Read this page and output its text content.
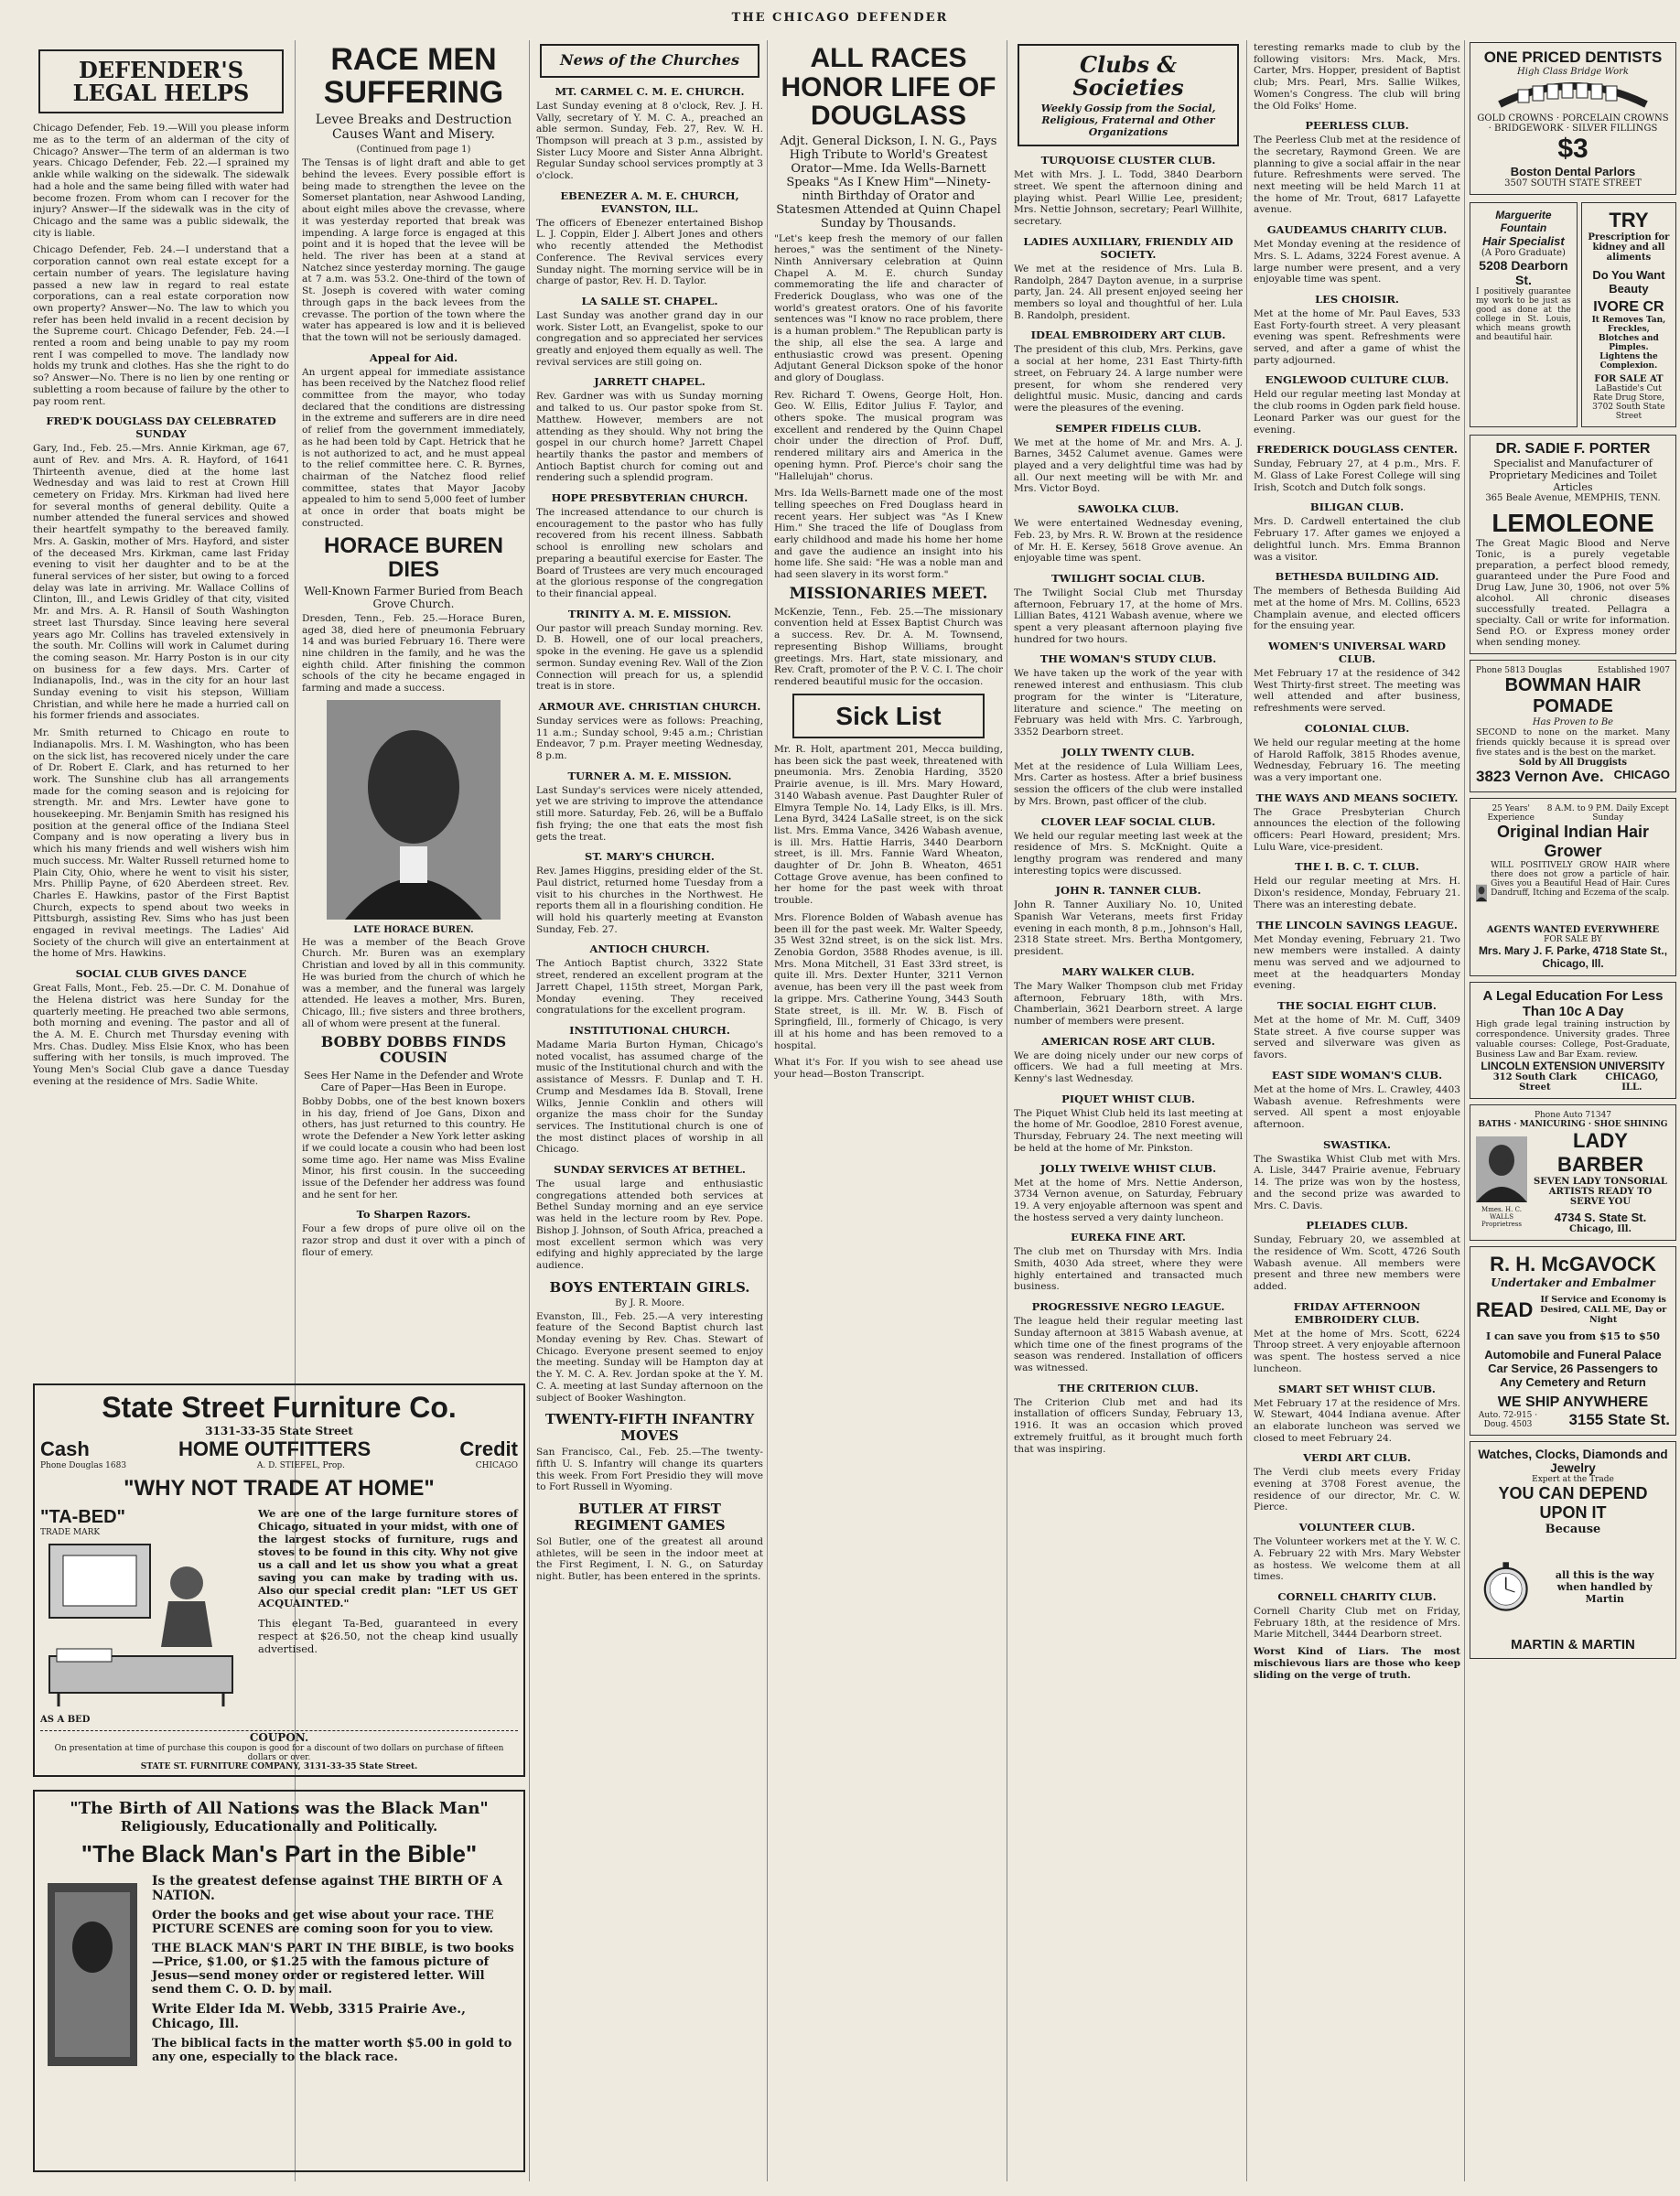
THE CHICAGO DEFENDER
DEFENDER'S LEGAL HELPS

Chicago Defender, Feb. 19.—Will you please inform me as to the term of an alderman of the city of Chicago? Answer—The term of an alderman is two years. Chicago Defender, Feb. 22.—I sprained my ankle while walking on the sidewalk. The sidewalk had a hole and the same being filled with water had become frozen. From whom can I recover for the injury? Answer—If the sidewalk was in the city of Chicago and the same was a public sidewalk, the city is liable.

Chicago Defender, Feb. 24.—I understand that a corporation cannot own real estate except for a certain number of years. The legislature having passed a new law in regard to real estate corporations, can a real estate corporation now own property? Answer—No. The law to which you refer has been held invalid in a recent decision by the Supreme court. Chicago Defender, Feb. 24.—I rented a room and being unable to pay my room rent I was compelled to move. The landlady now holds my trunk and clothes. Has she the right to do so? Answer—No. There is no lien by one renting or subletting a room because of failure by the other to pay room rent.

FRED'K DOUGLASS DAY CELEBRATED SUNDAY

Gary, Ind., Feb. 25.—Mrs. Annie Kirkman, age 67, aunt of Rev. and Mrs. A. R. Hayford, of 1641 Thirteenth avenue, died at the home last Wednesday and was laid to rest at Crown Hill cemetery on Friday. Mrs. Kirkman had lived here for several months of general debility. Quite a number attended the funeral services and showed their heartfelt sympathy to the bereaved family. Mrs. A. Gaskin, mother of Mrs. Hayford, and sister of the deceased Mrs. Kirkman, came last Friday evening to visit her daughter and to be at the funeral services of her sister, but owing to a forced delay was late in arriving. Mr. Wallace Collins of Clinton, Ill., and Lewis Gridley of that city, visited Mr. and Mrs. A. R. Hansil of South Washington street last Thursday. Since leaving here several years ago Mr. Collins has traveled extensively in the south. Mr. Collins will work in Calumet during the coming season. Mr. Harry Poston is in our city on business for a few days. Mrs. Carter of Indianapolis, Ind., was in the city for an hour last Sunday evening to visit his stepson, William Christian, and while here he made a hurried call on his former friends and associates.

Mr. Smith returned to Chicago en route to Indianapolis. Mrs. I. M. Washington, who has been on the sick list, has recovered nicely under the care of Dr. Robert E. Clark, and has returned to her work. The Sunshine club has all arrangements made for the coming season and is rejoicing for strength. Mr. and Mrs. Lewter have gone to housekeeping. Mr. Benjamin Smith has resigned his position at the general office of the Indiana Steel Company and is now operating a livery bus in which his many friends and well wishers wish him much success. Mr. Walter Russell returned home to Plain City, Ohio, where he went to visit his sister, Mrs. Phillip Payne, of 620 Aberdeen street. Rev. Charles E. Hawkins, pastor of the First Baptist Church, expects to spend about two weeks in Pittsburgh, assisting Rev. Sims who has just been engaged in revival meetings. The Ladies' Aid Society of the church will give an entertainment at the home of Mrs. Hawkins.

SOCIAL CLUB GIVES DANCE

Great Falls, Mont., Feb. 25.—Dr. C. M. Donahue of the Helena district was here Sunday for the quarterly meeting. He preached two able sermons, both morning and evening. The pastor and all of the A. M. E. Church met Thursday evening with Mrs. Chas. Dudley. Miss Elsie Knox, who has been suffering with her tonsils, is much improved. The Young Men's Social Club gave a dance Tuesday evening at the residence of Mrs. Sadie White.

RACE MEN SUFFERING
Levee Breaks and Destruction Causes Want and Misery.
(Continued from page 1)

The Tensas is of light draft and able to get behind the levees. Every possible effort is being made to strengthen the levee on the Somerset plantation, near Ashwood Landing, about eight miles above the crevasse, where it was yesterday reported that break was impending. A large force is engaged at this point and it is hoped that the levee will be held. The river has been at a stand at Natchez since yesterday morning. The gauge at 7 a.m. was 53.2. One-third of the town of St. Joseph is covered with water coming through gaps in the back levees from the crevasse. The portion of the town where the water has appeared is low and it is believed that the town will not be seriously damaged.

Appeal for Aid.

An urgent appeal for immediate assistance has been received by the Natchez flood relief committee from the mayor, who today declared that the conditions are distressing in the extreme and sufferers are in dire need of relief from the government immediately, as he had been told by Capt. Hetrick that he is not authorized to act, and he must appeal to the relief committee here. C. R. Byrnes, chairman of the Natchez flood relief committee, states that Mayor Jacoby appealed to him to send 5,000 feet of lumber at once in order that boats might be constructed.

HORACE BUREN DIES
Well-Known Farmer Buried from Beach Grove Church.

Dresden, Tenn., Feb. 25.—Horace Buren, aged 38, died here of pneumonia February 14 and was buried February 16. There were nine children in the family, and he was the eighth child. After finishing the common schools of the city he became engaged in farming and made a success.

LATE HORACE BUREN.

He was a member of the Beach Grove Church. Mr. Buren was an exemplary Christian and loved by all in this community. He was buried from the church of which he was a member, and the funeral was largely attended. He leaves a mother, Mrs. Buren, Chicago, Ill.; five sisters and three brothers, all of whom were present at the funeral.

BOBBY DOBBS FINDS COUSIN
Sees Her Name in the Defender and Wrote Care of Paper—Has Been in Europe.

Bobby Dobbs, one of the best known boxers in his day, friend of Joe Gans, Dixon and others, has just returned to this country. He wrote the Defender a New York letter asking if we could locate a cousin who had been lost some time ago. Her name was Miss Evaline Minor, his first cousin. In the succeeding issue of the Defender her address was found and he sent for her.

To Sharpen Razors.

Four a few drops of pure olive oil on the razor strop and dust it over with a pinch of flour of emery.

News of the Churches
MT. CARMEL C. M. E. CHURCH.

Last Sunday evening at 8 o'clock, Rev. J. H. Vally, secretary of Y. M. C. A., preached an able sermon. Sunday, Feb. 27, Rev. W. H. Thompson will preach at 3 p.m., assisted by Sister Lucy Moore and Sister Anna Albright. Regular Sunday school services promptly at 3 o'clock.

EBENEZER A. M. E. CHURCH, EVANSTON, ILL.

The officers of Ebenezer entertained Bishop L. J. Coppin, Elder J. Albert Jones and others who recently attended the Methodist Conference. The Revival services every Sunday night. The morning service will be in charge of pastor, Rev. H. D. Taylor.

LA SALLE ST. CHAPEL.

Last Sunday was another grand day in our work. Sister Lott, an Evangelist, spoke to our congregation and so appreciated her services greatly and enjoyed them equally as well. The revival services are still going on.

JARRETT CHAPEL.

Rev. Gardner was with us Sunday morning and talked to us. Our pastor spoke from St. Matthew. However, members are not attending as they should. Why not bring the gospel in our church home? Jarrett Chapel heartily thanks the pastor and members of Antioch Baptist church for coming out and rendering such a splendid program.

HOPE PRESBYTERIAN CHURCH.

The increased attendance to our church is encouragement to the pastor who has fully recovered from his recent illness. Sabbath school is enrolling new scholars and preparing a beautiful exercise for Easter. The Board of Trustees are very much encouraged at the glorious response of the congregation to their financial appeal.

TRINITY A. M. E. MISSION.

Our pastor will preach Sunday morning. Rev. D. B. Howell, one of our local preachers, spoke in the evening. He gave us a splendid sermon. Sunday evening Rev. Wall of the Zion Connection will preach for us, a splendid treat is in store.

ARMOUR AVE. CHRISTIAN CHURCH.

Sunday services were as follows: Preaching, 11 a.m.; Sunday school, 9:45 a.m.; Christian Endeavor, 7 p.m. Prayer meeting Wednesday, 8 p.m.

TURNER A. M. E. MISSION.

Last Sunday's services were nicely attended, yet we are striving to improve the attendance still more. Saturday, Feb. 26, will be a Buffalo fish frying; the one that eats the most fish gets the treat.

ST. MARY'S CHURCH.

Rev. James Higgins, presiding elder of the St. Paul district, returned home Tuesday from a visit to his churches in the Northwest. He reports them all in a flourishing condition. He will hold his quarterly meeting at Evanston Sunday, Feb. 27.

ANTIOCH CHURCH.

The Antioch Baptist church, 3322 State street, rendered an excellent program at the Jarrett Chapel, 115th street, Morgan Park, Monday evening. They received congratulations for the excellent program.

INSTITUTIONAL CHURCH.

Madame Maria Burton Hyman, Chicago's noted vocalist, has assumed charge of the music of the Institutional church and with the assistance of Messrs. F. Dunlap and T. H. Crump and Mesdames Ida B. Stovall, Irene Wilks, Jennie Conklin and others will organize the mass choir for the Sunday services. The Institutional church is one of the most distinct places of worship in all Chicago.

SUNDAY SERVICES AT BETHEL.

The usual large and enthusiastic congregations attended both services at Bethel Sunday morning and an eye service was held in the lecture room by Rev. Pope. Bishop J. Johnson, of South Africa, preached a most excellent sermon which was very edifying and highly appreciated by the large audience.

BOYS ENTERTAIN GIRLS.
By J. R. Moore.

Evanston, Ill., Feb. 25.—A very interesting feature of the Second Baptist church last Monday evening by Rev. Chas. Stewart of Chicago. Everyone present seemed to enjoy the meeting. Sunday will be Hampton day at the Y. M. C. A. Rev. Jordan spoke at the Y. M. C. A. meeting at last Sunday afternoon on the subject of Booker Washington.

TWENTY-FIFTH INFANTRY MOVES

San Francisco, Cal., Feb. 25.—The twenty-fifth U. S. Infantry will change its quarters this week. From Fort Presidio they will move to Fort Russell in Wyoming.

BUTLER AT FIRST REGIMENT GAMES

Sol Butler, one of the greatest all around athletes, will be seen in the indoor meet at the First Regiment, I. N. G., on Saturday night. Butler, has been entered in the sprints.

ALL RACES HONOR LIFE OF DOUGLASS
Adjt. General Dickson, I. N. G., Pays High Tribute to World's Greatest Orator—Mme. Ida Wells-Barnett Speaks "As I Knew Him"—Ninety-ninth Birthday of Orator and Statesmen Attended at Quinn Chapel Sunday by Thousands.

"Let's keep fresh the memory of our fallen heroes," was the sentiment of the Ninety-Ninth Anniversary celebration at Quinn Chapel A. M. E. church Sunday commemorating the life and character of Frederick Douglass, who was one of the world's greatest orators. One of his favorite sentences was "I know no race problem, there is a human problem." The Republican party is the ship, all else the sea. A large and enthusiastic crowd was present. Opening Adjutant General Dickson spoke of the honor and glory of Douglass.

Rev. Richard T. Owens, George Holt, Hon. Geo. W. Ellis, Editor Julius F. Taylor, and others spoke. The musical program was excellent and rendered by the Quinn Chapel choir under the direction of Prof. Duff, rendered military airs and America in the opening hymn. Prof. Pierce's choir sang the "Hallelujah" chorus.

Mrs. Ida Wells-Barnett made one of the most telling speeches on Fred Douglass heard in recent years. Her subject was "As I Knew Him." She traced the life of Douglass from early childhood and made his home her home and gave the audience an insight into his home life. She said: "He was a noble man and had seen slavery in its worst form."

MISSIONARIES MEET.

McKenzie, Tenn., Feb. 25.—The missionary convention held at Essex Baptist Church was a success. Rev. Dr. A. M. Townsend, representing Bishop Williams, brought greetings. Mrs. Hart, state missionary, and Rev. Craft, promoter of the P. V. C. I. The choir rendered beautiful music for the occasion.

Sick List

Mr. R. Holt, apartment 201, Mecca building, has been sick the past week, threatened with pneumonia. Mrs. Zenobia Harding, 3520 Prairie avenue, is ill. Mrs. Mary Howard, 3140 Wabash avenue. Past Daughter Ruler of Elmyra Temple No. 14, Lady Elks, is ill. Mrs. Lena Byrd, 3424 LaSalle street, is on the sick list. Mrs. Emma Vance, 3426 Wabash avenue, is ill. Mrs. Hattie Harris, 3440 Dearborn street, is ill. Mrs. Fannie Ward Wheaton, daughter of Dr. John B. Wheaton, 4651 Cottage Grove avenue, has been confined to her home for the past week with throat trouble.

Mrs. Florence Bolden of Wabash avenue has been ill for the past week. Mr. Walter Speedy, 35 West 32nd street, is on the sick list. Mrs. Zenobia Gordon, 3588 Rhodes avenue, is ill. Mrs. Mona Mitchell, 31 East 33rd street, is quite ill. Mrs. Dexter Hunter, 3211 Vernon avenue, has been very ill the past week from la grippe. Mrs. Catherine Young, 3443 South State street, is ill. Mr. W. B. Fisch of Springfield, Ill., formerly of Chicago, is very ill at his home and has been removed to a hospital.

What it's For. If you wish to see ahead use your head—Boston Transcript.

Clubs & Societies
Weekly Gossip from the Social, Religious, Fraternal and Other Organizations
TURQUOISE CLUSTER CLUB.

Met with Mrs. J. L. Todd, 3840 Dearborn street. We spent the afternoon dining and playing whist. Pearl Willie Lee, president; Mrs. Nettie Johnson, secretary; Pearl Willhite, secretary.

LADIES AUXILIARY, FRIENDLY AID SOCIETY.

We met at the residence of Mrs. Lula B. Randolph, 2847 Dayton avenue, in a surprise party, Jan. 24. All present enjoyed seeing her members so loyal and thoughtful of her. Lula B. Randolph, president.

IDEAL EMBROIDERY ART CLUB.

The president of this club, Mrs. Perkins, gave a social at her home, 231 East Thirty-fifth street, on February 24. A large number were present, for whom she rendered very delightful music. Music, dancing and cards were the pleasures of the evening.

SEMPER FIDELIS CLUB.

We met at the home of Mr. and Mrs. A. J. Barnes, 3452 Calumet avenue. Games were played and a very delightful time was had by all. Our next meeting will be with Mr. and Mrs. Victor Boyd.

SAWOLKA CLUB.

We were entertained Wednesday evening, Feb. 23, by Mrs. R. W. Brown at the residence of Mr. H. E. Kersey, 5618 Grove avenue. An enjoyable time was spent.

TWILIGHT SOCIAL CLUB.

The Twilight Social Club met Thursday afternoon, February 17, at the home of Mrs. Lillian Bates, 4121 Wabash avenue, where we spent a very pleasant afternoon playing five hundred for two hours.

THE WOMAN'S STUDY CLUB.

We have taken up the work of the year with renewed interest and enthusiasm. This club program for the winter is "Literature, literature and science." The meeting on February was held with Mrs. C. Yarbrough, 3352 Dearborn street.

JOLLY TWENTY CLUB.

Met at the residence of Lula William Lees, Mrs. Carter as hostess. After a brief business session the officers of the club were installed by Mrs. Brown, past officer of the club.

CLOVER LEAF SOCIAL CLUB.

We held our regular meeting last week at the residence of Mrs. S. McKnight. Quite a lengthy program was rendered and many interesting topics were discussed.

JOHN R. TANNER CLUB.

John R. Tanner Auxiliary No. 10, United Spanish War Veterans, meets first Friday evening in each month, 8 p.m., Johnson's Hall, 2318 State street. Mrs. Bertha Montgomery, president.

MARY WALKER CLUB.

The Mary Walker Thompson club met Friday afternoon, February 18th, with Mrs. Chamberlain, 3621 Dearborn street. A large number of members were present.

AMERICAN ROSE ART CLUB.

We are doing nicely under our new corps of officers. We had a full meeting at Mrs. Kenny's last Wednesday.

PIQUET WHIST CLUB.

The Piquet Whist Club held its last meeting at the home of Mr. Goodloe, 2810 Forest avenue, Thursday, February 24. The next meeting will be held at the home of Mr. Pinkston.

JOLLY TWELVE WHIST CLUB.

Met at the home of Mrs. Nettie Anderson, 3734 Vernon avenue, on Saturday, February 19. A very enjoyable afternoon was spent and the hostess served a very dainty luncheon.

EUREKA FINE ART.

The club met on Thursday with Mrs. India Smith, 4030 Ada street, where they were highly entertained and transacted much business.

PROGRESSIVE NEGRO LEAGUE.

The league held their regular meeting last Sunday afternoon at 3815 Wabash avenue, at which time one of the finest programs of the season was rendered. Installation of officers was witnessed.

THE CRITERION CLUB.

The Criterion Club met and had its installation of officers Sunday, February 13, 1916. It was an occasion which proved extremely fruitful, as it brought much forth that was inspiring.

teresting remarks made to club by the following visitors: Mrs. Mack, Mrs. Carter, Mrs. Hopper, president of Baptist club; Mrs. Pearl, Mrs. Sallie Wilkes, Women's Congress. The club will bring the Old Folks' Home.

PEERLESS CLUB.

The Peerless Club met at the residence of the secretary, Raymond Green. We are planning to give a social affair in the near future. Refreshments were served. The next meeting will be held March 11 at the home of Mr. Trout, 6817 Lafayette avenue.

GAUDEAMUS CHARITY CLUB.

Met Monday evening at the residence of Mrs. S. L. Adams, 3224 Forest avenue. A large number were present, and a very enjoyable time was spent.

LES CHOISIR.

Met at the home of Mr. Paul Eaves, 533 East Forty-fourth street. A very pleasant evening was spent. Refreshments were served, and after a game of whist the party adjourned.

ENGLEWOOD CULTURE CLUB.

Held our regular meeting last Monday at the club rooms in Ogden park field house. Leonard Parker was our guest for the evening.

FREDERICK DOUGLASS CENTER.

Sunday, February 27, at 4 p.m., Mrs. F. M. Glass of Lake Forest College will sing Irish, Scotch and Dutch folk songs.

BILIGAN CLUB.

Mrs. D. Cardwell entertained the club February 17. After games we enjoyed a delightful lunch. Mrs. Emma Brannon was a visitor.

BETHESDA BUILDING AID.

The members of Bethesda Building Aid met at the home of Mrs. M. Collins, 6523 Champlain avenue, and elected officers for the ensuing year.

WOMEN'S UNIVERSAL WARD CLUB.

Met February 17 at the residence of 342 West Thirty-first street. The meeting was well attended and after business, refreshments were served.

COLONIAL CLUB.

We held our regular meeting at the home of Harold Raffolk, 3815 Rhodes avenue, Wednesday, February 16. The meeting was a very important one.

THE WAYS AND MEANS SOCIETY.

The Grace Presbyterian Church announces the election of the following officers: Pearl Howard, president; Mrs. Lulu Ware, vice-president.

THE I. B. C. T. CLUB.

Held our regular meeting at Mrs. H. Dixon's residence, Monday, February 21. There was an interesting debate.

THE LINCOLN SAVINGS LEAGUE.

Met Monday evening, February 21. Two new members were installed. A dainty menu was served and we adjourned to meet at the headquarters Monday evening.

THE SOCIAL EIGHT CLUB.

Met at the home of Mr. M. Cuff, 3409 State street. A five course supper was served and silverware was given as favors.

EAST SIDE WOMAN'S CLUB.

Met at the home of Mrs. L. Crawley, 4403 Wabash avenue. Refreshments were served. All spent a most enjoyable afternoon.

SWASTIKA.

The Swastika Whist Club met with Mrs. A. Lisle, 3447 Prairie avenue, February 14. The prize was won by the hostess, and the second prize was awarded to Mrs. C. Davis.

PLEIADES CLUB.

Sunday, February 20, we assembled at the residence of Wm. Scott, 4726 South Wabash avenue. All members were present and three new members were added.

FRIDAY AFTERNOON EMBROIDERY CLUB.

Met at the home of Mrs. Scott, 6224 Throop street. A very enjoyable afternoon was spent. The hostess served a nice luncheon.

SMART SET WHIST CLUB.

Met February 17 at the residence of Mrs. W. Stewart, 4044 Indiana avenue. After an elaborate luncheon was served we closed to meet February 24.

VERDI ART CLUB.

The Verdi club meets every Friday evening at 3708 Forest avenue, the residence of our director, Mr. C. W. Pierce.

VOLUNTEER CLUB.

The Volunteer workers met at the Y. W. C. A. February 22 with Mrs. Mary Webster as hostess. We welcome them at all times.

CORNELL CHARITY CLUB.

Cornell Charity Club met on Friday, February 18th, at the residence of Mrs. Marie Mitchell, 3444 Dearborn street.

Worst Kind of Liars. The most mischievous liars are those who keep sliding on the verge of truth.

ONE PRICED DENTISTS
High Class Bridge Work
GOLD CROWNS · PORCELAIN CROWNS · BRIDGEWORK · SILVER FILLINGS
$3
Boston Dental Parlors
3507 SOUTH STATE STREET
Marguerite Fountain
Hair Specialist
(A Poro Graduate)
5208 Dearborn St.
I positively guarantee my work to be just as good as done at the college in St. Louis, which means growth and beautiful hair.
TRY
Prescription for kidney and all aliments
Do You Want Beauty
IVORE CR
It Removes Tan, Freckles, Blotches and Pimples. Lightens the Complexion.
FOR SALE AT
LaBastide's Cut Rate Drug Store, 3702 South State Street
DR. SADIE F. PORTER
Specialist and Manufacturer of Proprietary Medicines and Toilet Articles
365 Beale Avenue, MEMPHIS, TENN.
LEMOLEONE
The Great Magic Blood and Nerve Tonic, is a purely vegetable preparation, a perfect blood remedy, guaranteed under the Pure Food and Drug Law, June 30, 1906, not over 5% alcohol. All chronic diseases successfully treated. Pellagra a specialty. Call or write for information. Send P.O. or Express money order when sending money.
Phone 5813 Douglas	Established 1907
BOWMAN HAIR POMADE
Has Proven to Be
SECOND to none on the market. Many friends quickly because it is spread over five states and is the best on the market.
Sold by All Druggists
3823 Vernon Ave. CHICAGO
25 Years' Experience
8 A.M. to 9 P.M. Daily Except Sunday
Original Indian Hair Grower
WILL POSITIVELY GROW HAIR where there does not grow a particle of hair. Gives you a Beautiful Head of Hair. Cures Dandruff, Itching and Eczema of the scalp.
AGENTS WANTED EVERYWHERE
FOR SALE BY
Mrs. Mary J. F. Parke, 4718 State St., Chicago, Ill.
A Legal Education For Less Than 10c A Day
High grade legal training instruction by correspondence. University grades. Three valuable courses: College, Post-Graduate, Business Law and Bar Exam. review.
LINCOLN EXTENSION UNIVERSITY
312 South Clark Street
CHICAGO, ILL.
Phone Auto 71347
BATHS · MANICURING · SHOE SHINING
Mmes. H. C. WALLS Proprietress
LADY BARBER
SEVEN LADY TONSORIAL ARTISTS READY TO SERVE YOU
4734 S. State St.
Chicago, Ill.
R. H. McGAVOCK
Undertaker and Embalmer
READ If Service and Economy is Desired, CALL ME, Day or Night
I can save you from $15 to $50
Automobile and Funeral Palace Car Service, 26 Passengers to Any Cemetery and Return
WE SHIP ANYWHERE
Auto. 72-915 · Doug. 4503	3155 State St.
Watches, Clocks, Diamonds and Jewelry
Expert at the Trade
YOU CAN DEPEND UPON IT
Because
all this is the way when handled by Martin
MARTIN & MARTIN
State Street Furniture Co.
3131-33-35 State Street
Cash	HOME OUTFITTERS	Credit
Phone Douglas 1683	A. D. STIEFEL, Prop.	CHICAGO
"WHY NOT TRADE AT HOME"
"TA-BED"
TRADE MARK
AS A BED
We are one of the large furniture stores of Chicago, situated in your midst, with one of the largest stocks of furniture, rugs and stoves to be found in this city. Why not give us a call and let us show you what a great saving you can make by trading with us. Also our special credit plan: "LET US GET ACQUAINTED."
This elegant Ta-Bed, guaranteed in every respect at $26.50, not the cheap kind usually advertised.
COUPON.
On presentation at time of purchase this coupon is good for a discount of two dollars on purchase of fifteen dollars or over.
STATE ST. FURNITURE COMPANY, 3131-33-35 State Street.
"The Birth of All Nations was the Black Man"
Religiously, Educationally and Politically.
"The Black Man's Part in the Bible"
Is the greatest defense against THE BIRTH OF A NATION.
Order the books and get wise about your race. THE PICTURE SCENES are coming soon for you to view.
THE BLACK MAN'S PART IN THE BIBLE, is two books—Price, $1.00, or $1.25 with the famous picture of Jesus—send money order or registered letter. Will send them C. O. D. by mail.
Write Elder Ida M. Webb, 3315 Prairie Ave., Chicago, Ill.
The biblical facts in the matter worth $5.00 in gold to any one, especially to the black race.
